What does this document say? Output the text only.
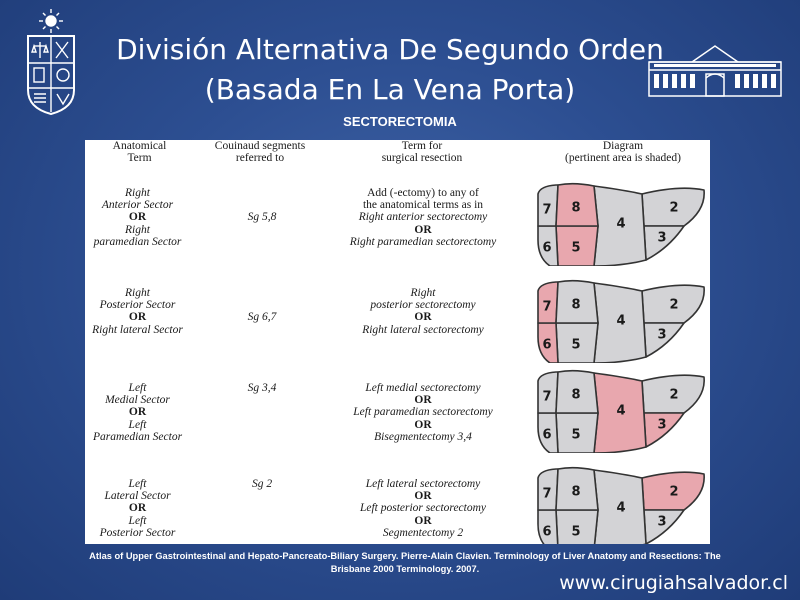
División Alternativa De Segundo Orden (Basada En La Vena Porta)
SECTORECTOMIA
Anatomical
Term
Couinaud segments
referred to
Term for
surgical resection
Diagram
(pertinent area is shaded)
Right
Anterior Sector
OR
Right
paramedian Sector
Sg 5,8
Add (-ectomy) to any of
the anatomical terms as in
Right anterior sectorectomy
OR
Right paramedian sectorectomy
7 8
6 5
4
2
3
Right
Posterior Sector
OR
Right lateral Sector
Sg 6,7
Right
posterior sectorectomy
OR
Right lateral sectorectomy
7 8
6 5
4
2
3
Left
Medial Sector
OR
Left
Paramedian Sector
Sg 3,4	Left medial sectorectomy
OR
Left paramedian sectorectomy
OR
Bisegmentectomy 3,4
7 8
6 5
4
2
3
Left
Lateral Sector
OR
Left
Posterior Sector
Sg 2	Left lateral sectorectomy
OR
Left posterior sectorectomy
OR
Segmentectomy 2
7 8
6 5
4
2
3
Atlas of Upper Gastrointestinal and Hepato-Pancreato-Biliary Surgery. Pierre-Alain Clavien. Terminology of Liver Anatomy and Resections: The Brisbane 2000 Terminology. 2007.
www.cirugiahsalvador.cl
